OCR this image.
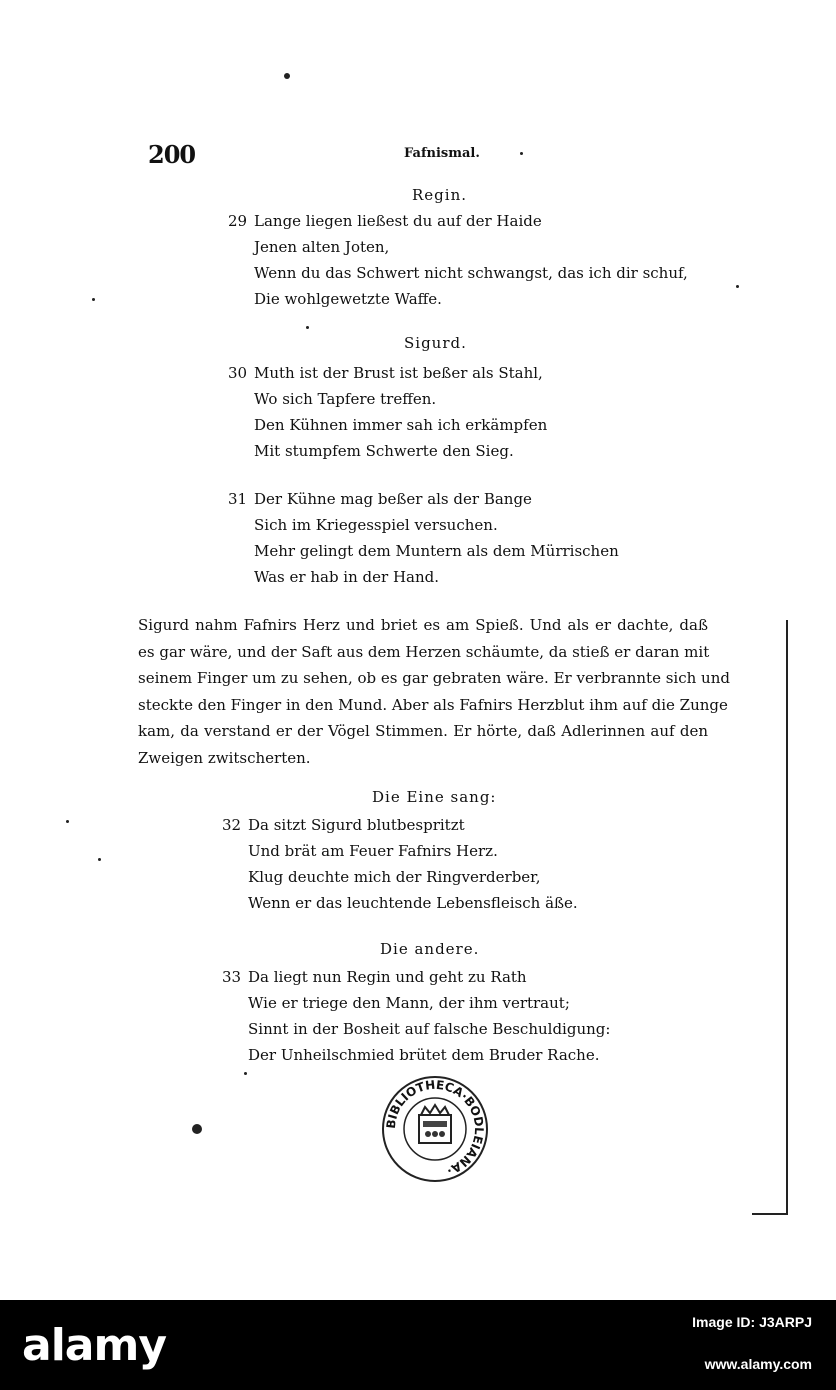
200	Fafnismal.
Regin.
29 Lange liegen ließest du auf der Haide
Jenen alten Joten,
Wenn du das Schwert nicht schwangst, das ich dir schuf,
Die wohlgewetzte Waffe.
Sigurd.
30 Muth ist der Brust ist beßer als Stahl,
Wo sich Tapfere treffen.
Den Kühnen immer sah ich erkämpfen
Mit stumpfem Schwerte den Sieg.
31 Der Kühne mag beßer als der Bange
Sich im Kriegesspiel versuchen.
Mehr gelingt dem Muntern als dem Mürrischen
Was er hab in der Hand.
Sigurd nahm Fafnirs Herz und briet es am Spieß. Und als er dachte, daß
es gar wäre, und der Saft aus dem Herzen schäumte, da stieß er daran mit
seinem Finger um zu sehen, ob es gar gebraten wäre. Er verbrannte sich und
steckte den Finger in den Mund. Aber als Fafnirs Herzblut ihm auf die Zunge
kam, da verstand er der Vögel Stimmen. Er hörte, daß Adlerinnen auf den
Zweigen zwitscherten.
Die Eine sang:
32 Da sitzt Sigurd blutbespritzt
Und brät am Feuer Fafnirs Herz.
Klug deuchte mich der Ringverderber,
Wenn er das leuchtende Lebensfleisch äße.
Die andere.
33 Da liegt nun Regin und geht zu Rath
Wie er triege den Mann, der ihm vertraut;
Sinnt in der Bosheit auf falsche Beschuldigung:
Der Unheilschmied brütet dem Bruder Rache.
BIBLIOTHECA·BODLEIANA·
alamy	Image ID: J3ARPJ
www.alamy.com
